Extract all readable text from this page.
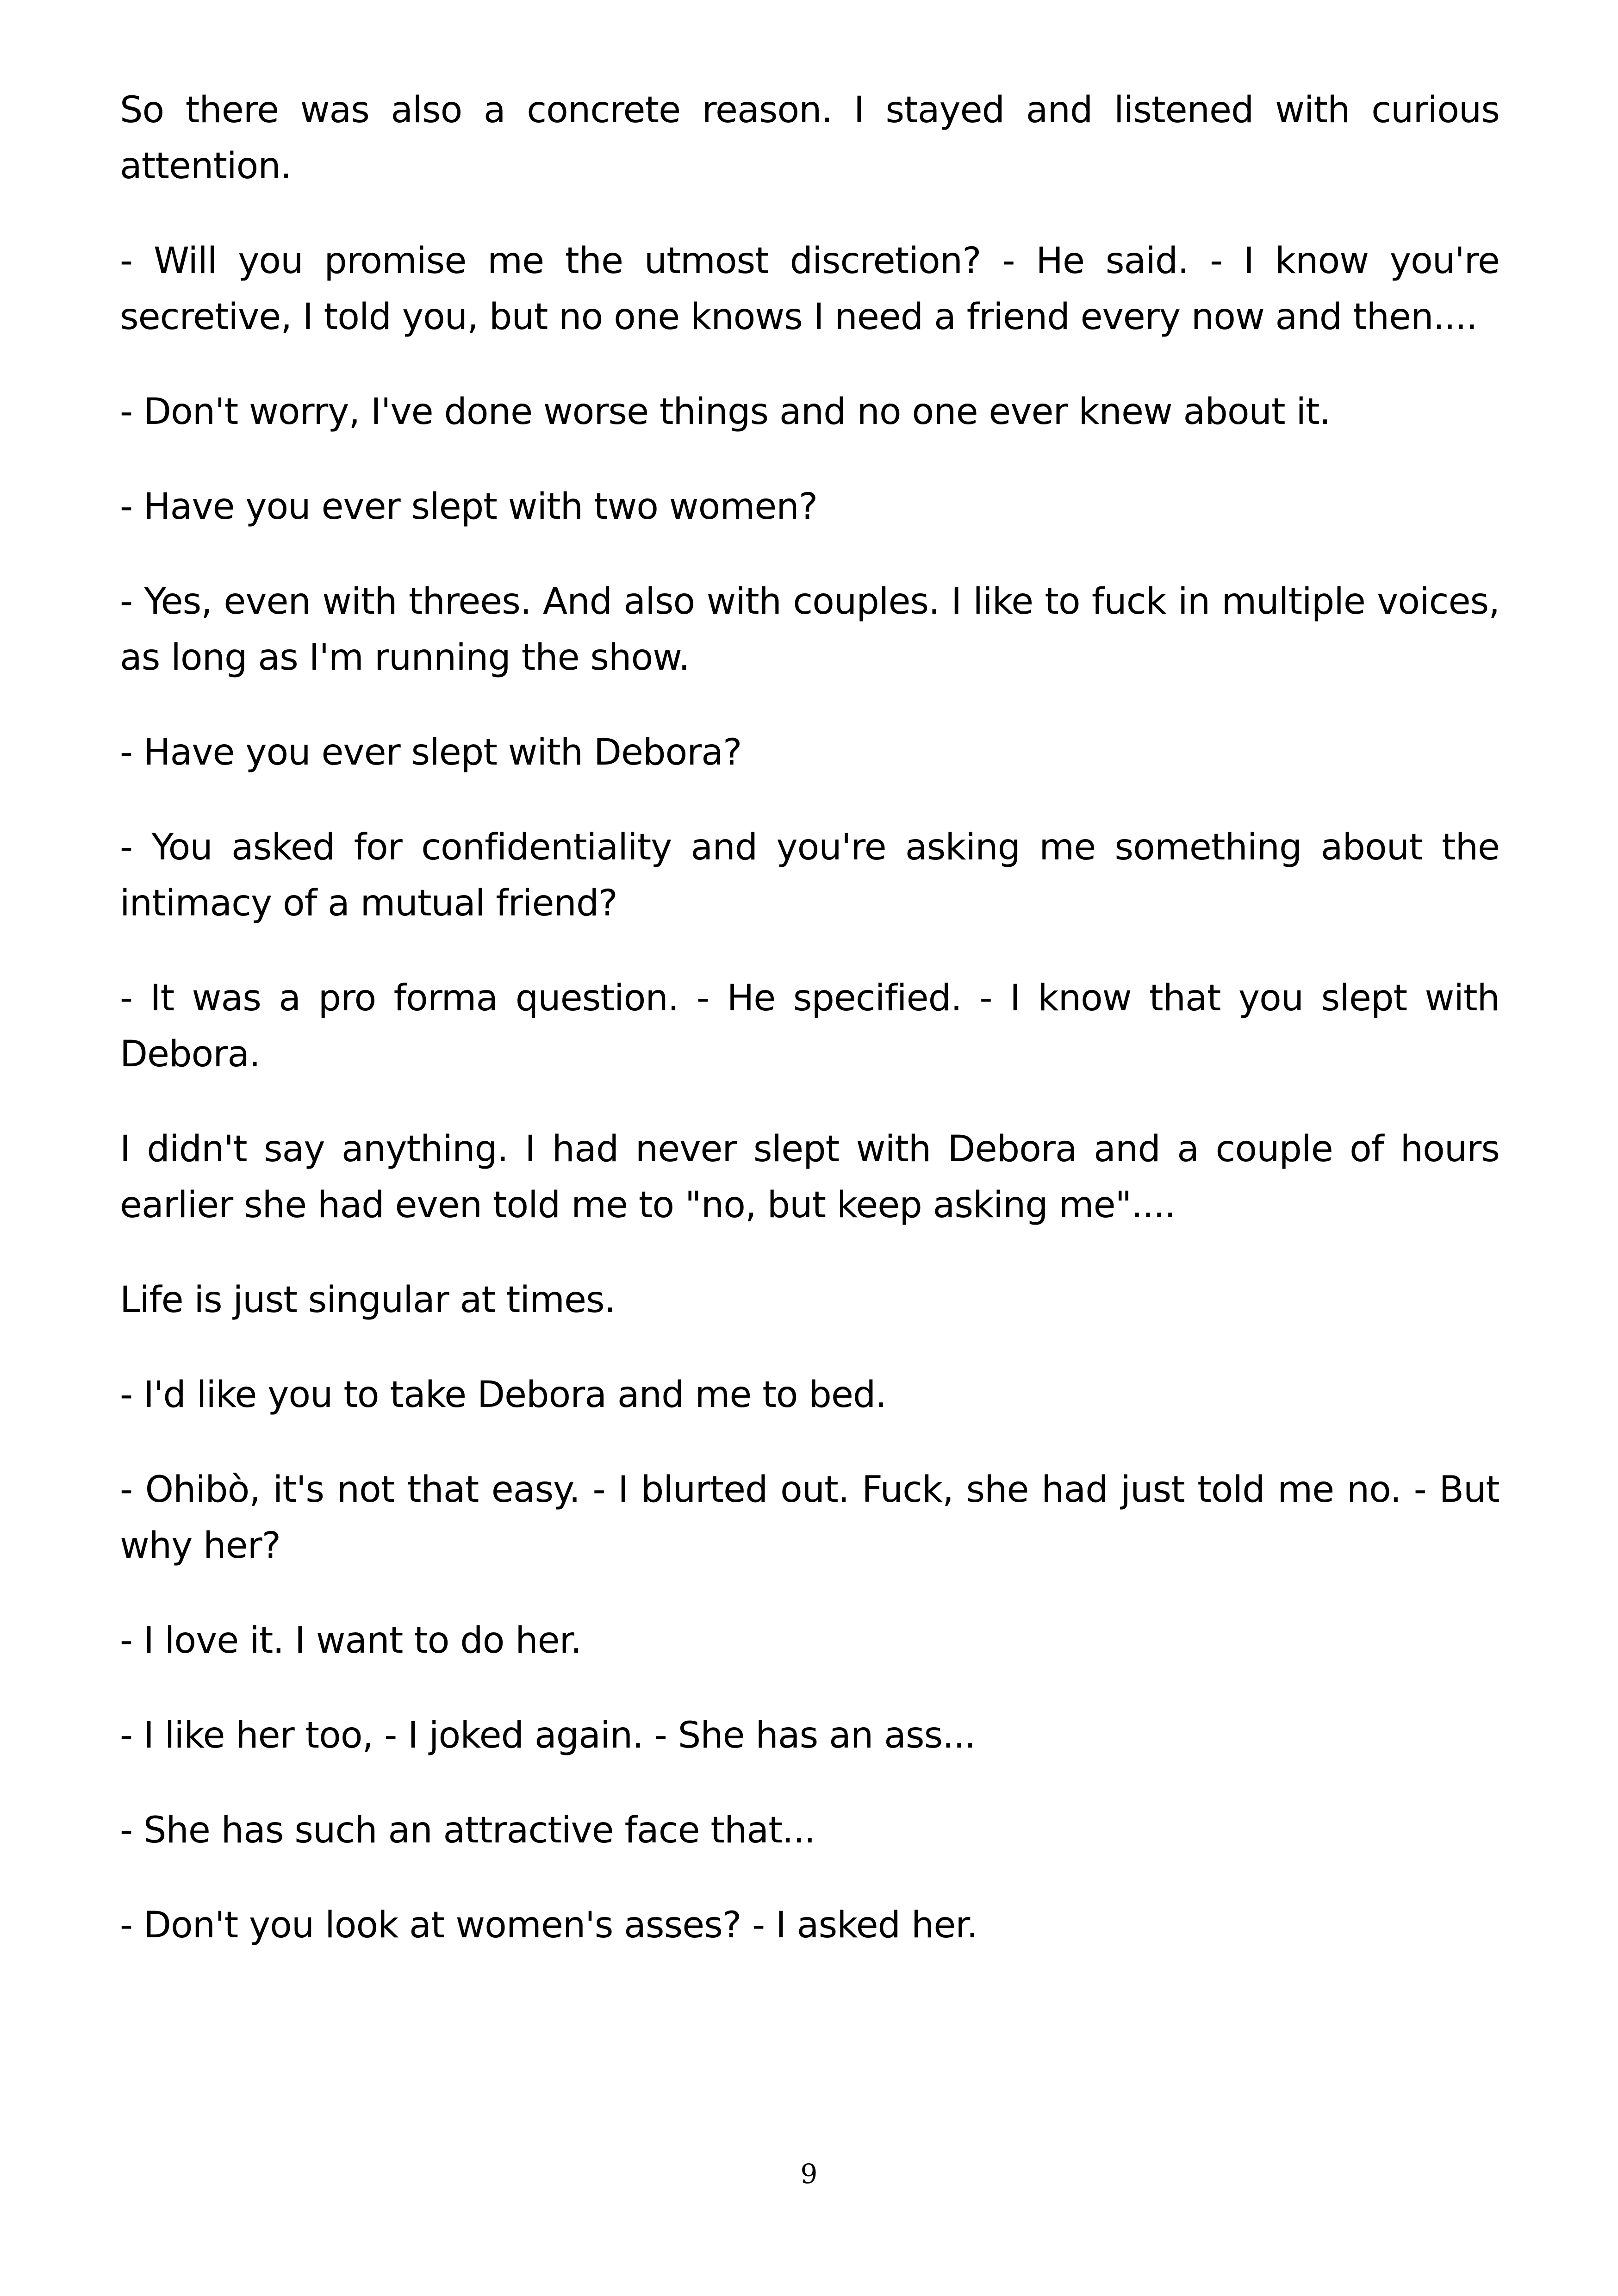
So there was also a concrete reason. I stayed and listened with curious attention.

- Will you promise me the utmost discretion? - He said. - I know you're secretive, I told you, but no one knows I need a friend every now and then....

- Don't worry, I've done worse things and no one ever knew about it.

- Have you ever slept with two women?

- Yes, even with threes. And also with couples. I like to fuck in multiple voices, as long as I'm running the show.

- Have you ever slept with Debora?

- You asked for confidentiality and you're asking me something about the intimacy of a mutual friend?

- It was a pro forma question. - He specified. - I know that you slept with Debora.

I didn't say anything. I had never slept with Debora and a couple of hours earlier she had even told me to "no, but keep asking me"....

Life is just singular at times.

- I'd like you to take Debora and me to bed.

- Ohibò, it's not that easy. - I blurted out. Fuck, she had just told me no. - But why her?

- I love it. I want to do her.

- I like her too, - I joked again. - She has an ass...

- She has such an attractive face that...

- Don't you look at women's asses? - I asked her.

9
